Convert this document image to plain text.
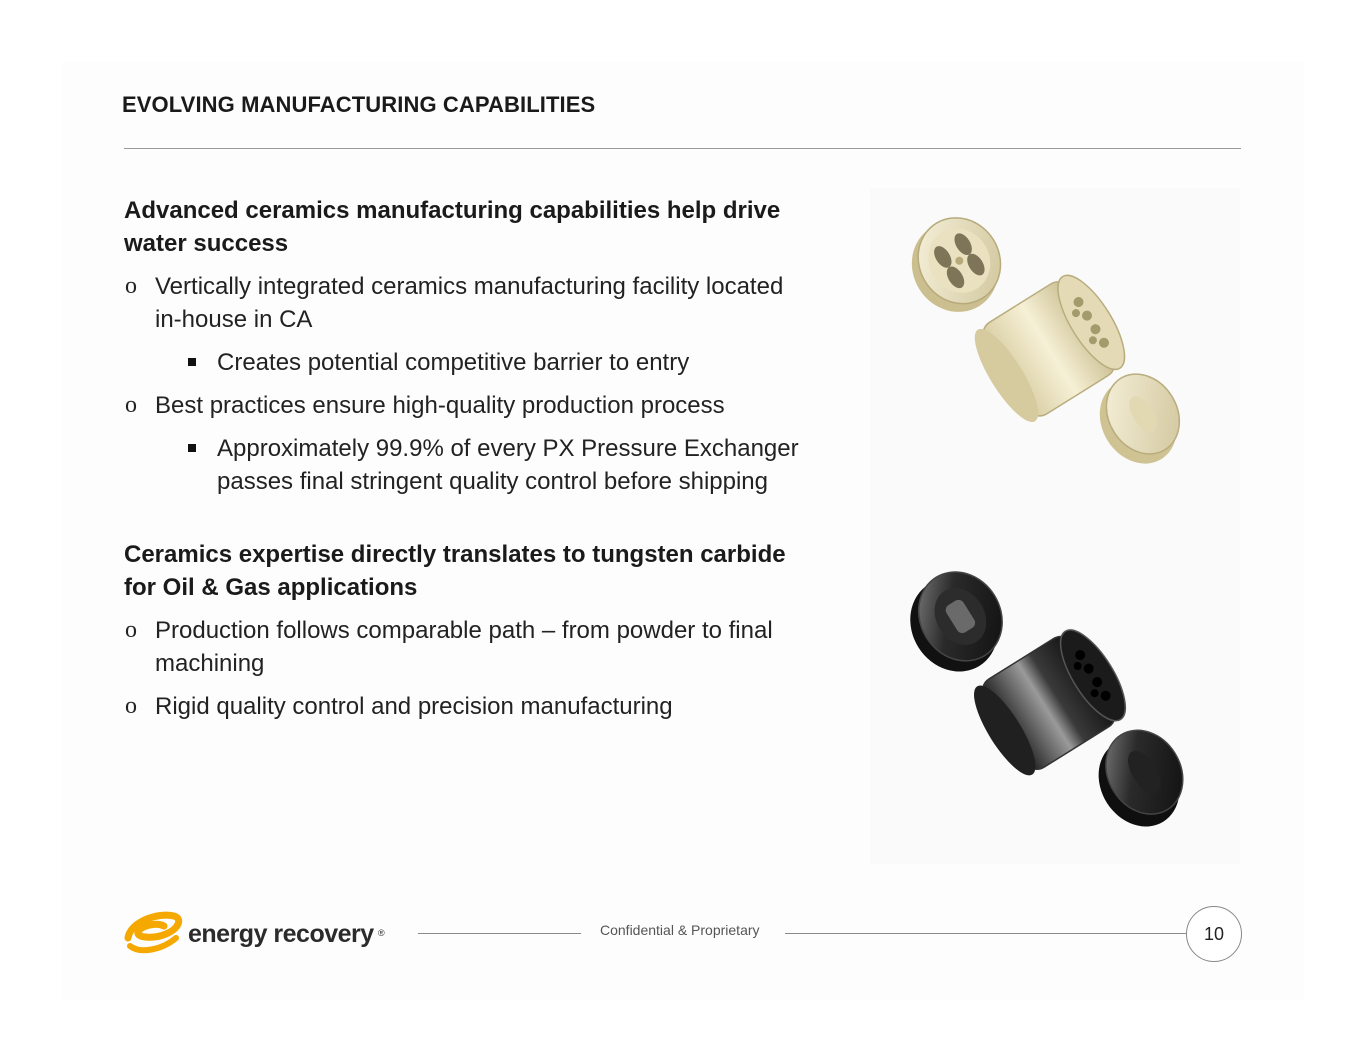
EVOLVING MANUFACTURING CAPABILITIES
Advanced ceramics manufacturing capabilities help drive water success
o Vertically integrated ceramics manufacturing facility located in-house in CA
Creates potential competitive barrier to entry
o Best practices ensure high-quality production process
Approximately 99.9% of every PX Pressure Exchanger passes final stringent quality control before shipping
Ceramics expertise directly translates to tungsten carbide for Oil & Gas applications
o Production follows comparable path – from powder to final machining
o Rigid quality control and precision manufacturing
energy recovery ®	Confidential & Proprietary	10
